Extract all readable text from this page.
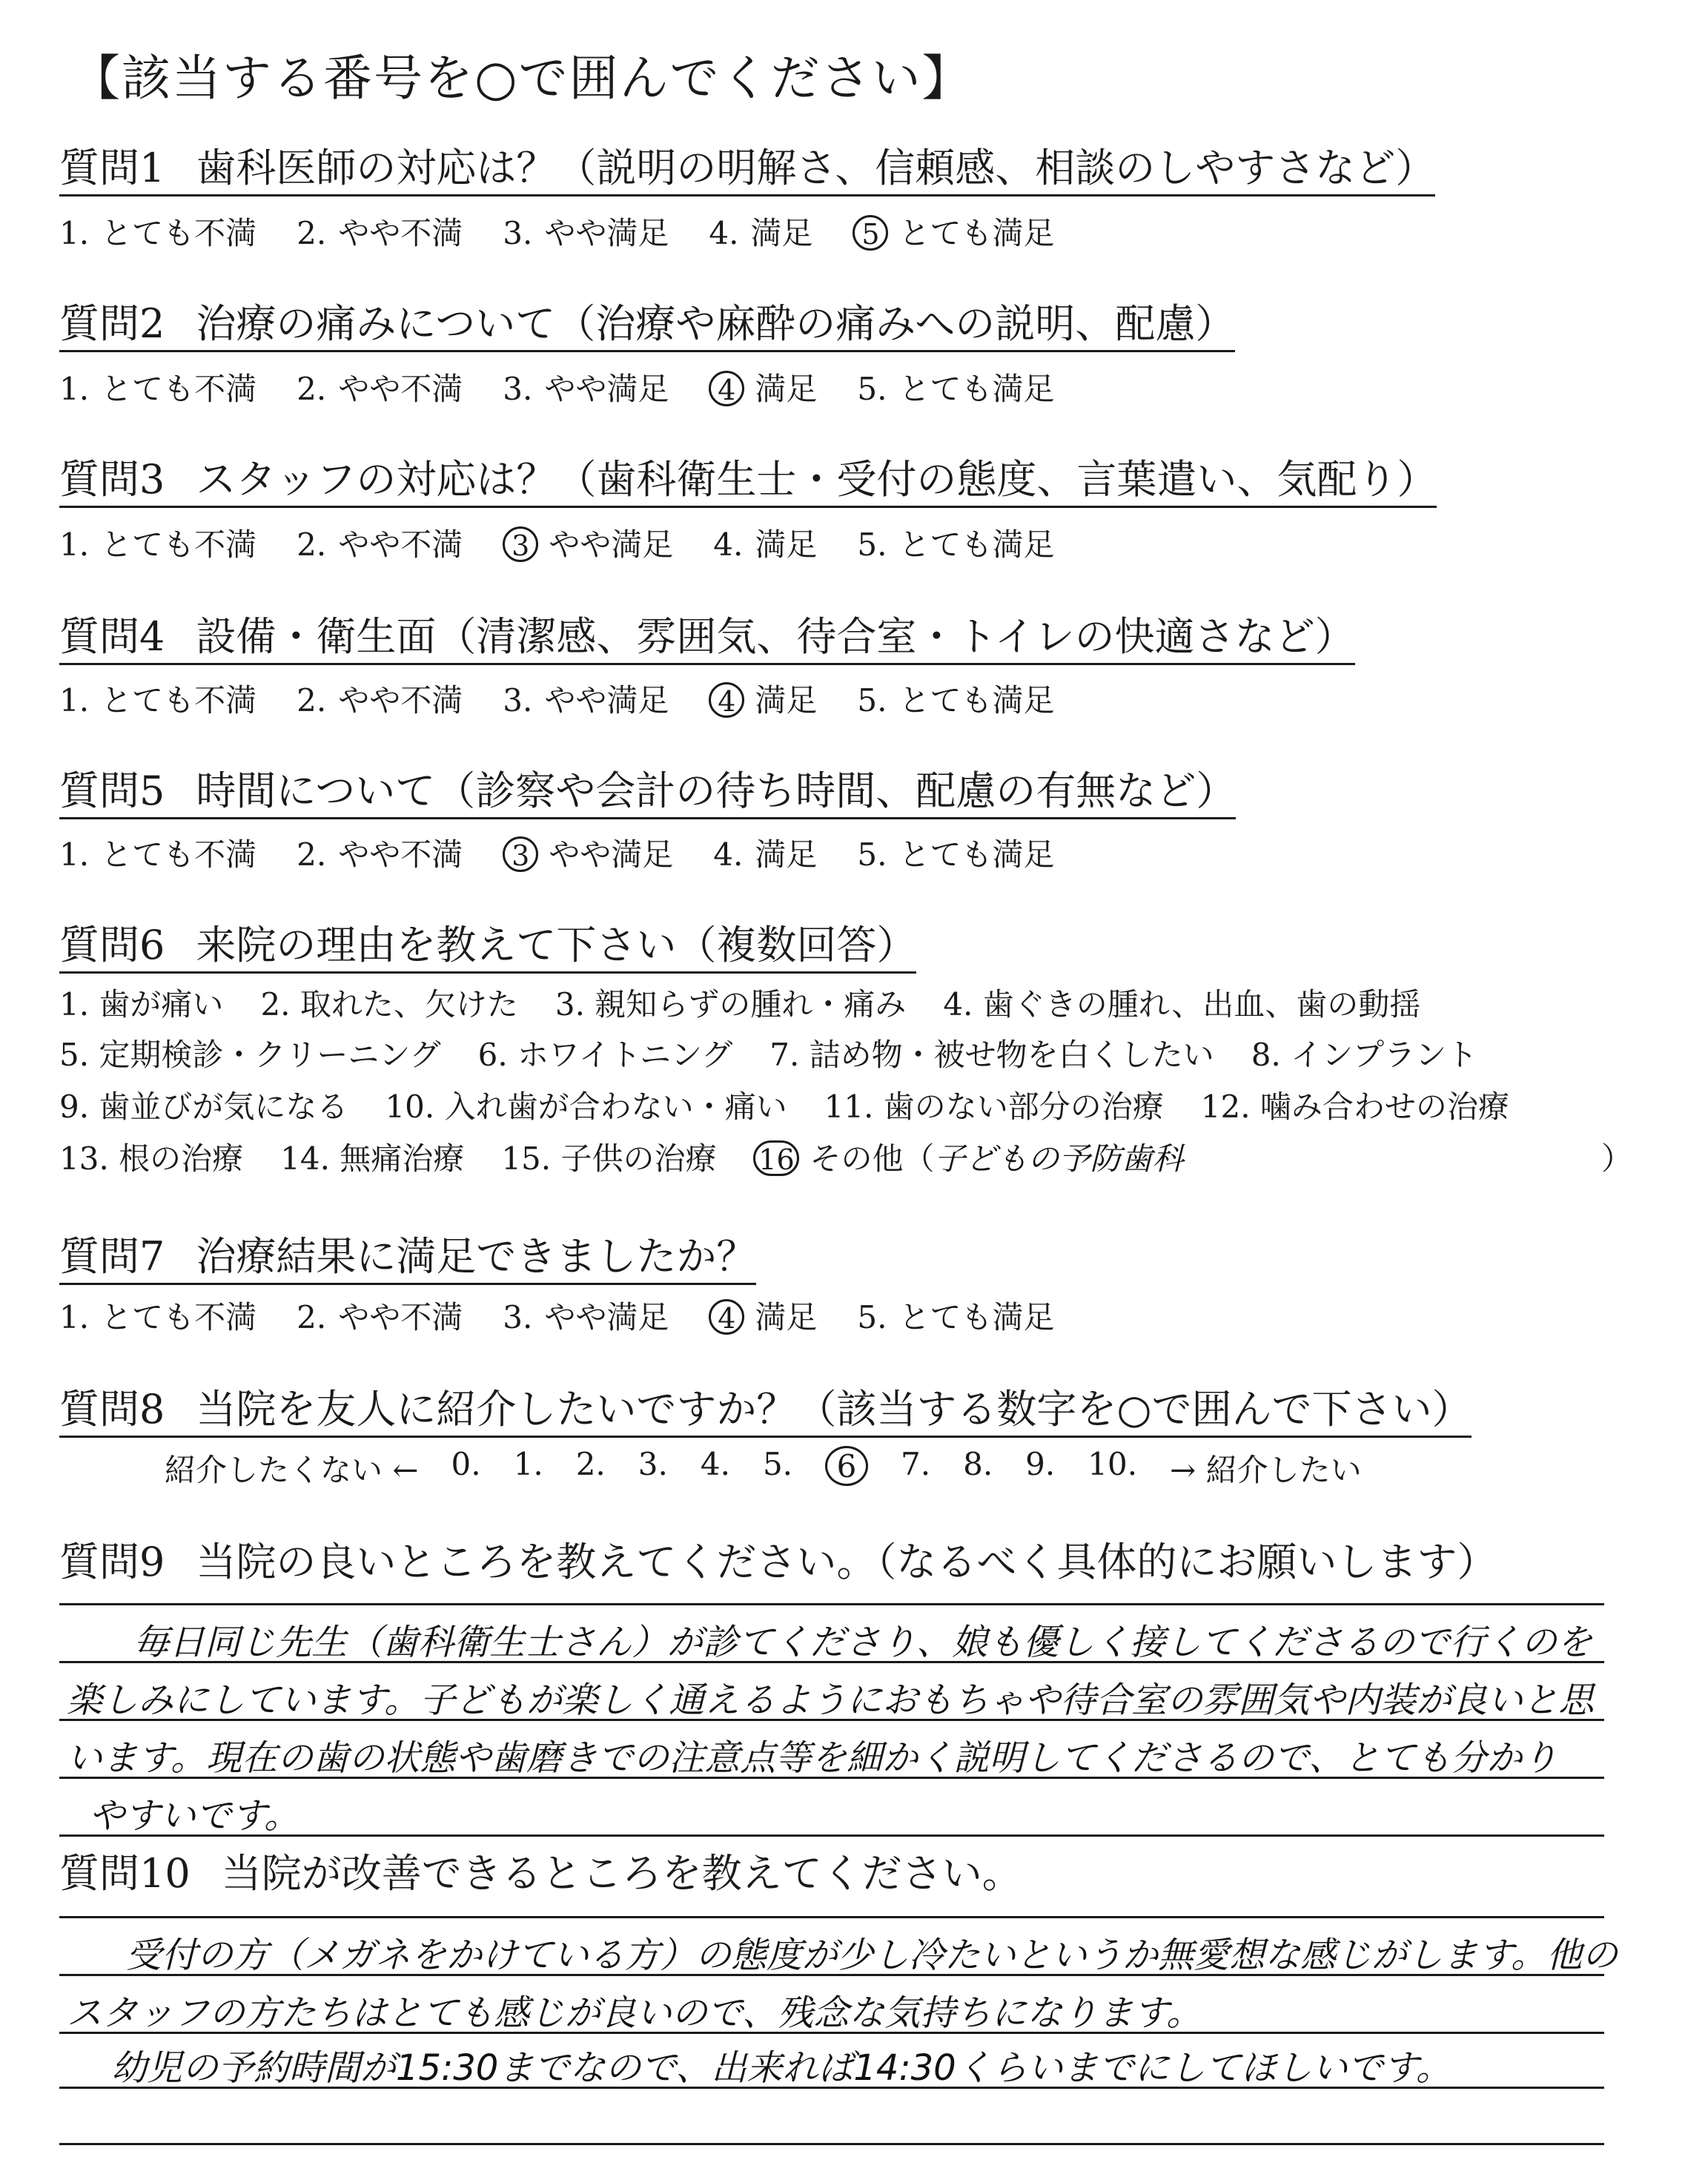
【該当する番号を○で囲んでください】
質問1 歯科医師の対応は？（説明の明解さ、信頼感、相談のしやすさなど）
1. とても不満 2. やや不満 3. やや満足 4. 満足	5 とても満足
質問2 治療の痛みについて（治療や麻酔の痛みへの説明、配慮）
1. とても不満 2. やや不満 3. やや満足	4 満足 5. とても満足
質問3 スタッフの対応は？（歯科衛生士・受付の態度、言葉遣い、気配り）
1. とても不満 2. やや不満	3 やや満足 4. 満足 5. とても満足
質問4 設備・衛生面（清潔感、雰囲気、待合室・トイレの快適さなど）
1. とても不満 2. やや不満 3. やや満足	4 満足 5. とても満足
質問5 時間について（診察や会計の待ち時間、配慮の有無など）
1. とても不満 2. やや不満	3 やや満足 4. 満足 5. とても満足
質問6 来院の理由を教えて下さい（複数回答）
1. 歯が痛い 2. 取れた、欠けた 3. 親知らずの腫れ・痛み 4. 歯ぐきの腫れ、出血、歯の動揺
5. 定期検診・クリーニング 6. ホワイトニング 7. 詰め物・被せ物を白くしたい 8. インプラント
9. 歯並びが気になる 10. 入れ歯が合わない・痛い 11. 歯のない部分の治療 12. 噛み合わせの治療
13. 根の治療 14. 無痛治療 15. 子供の治療 16 その他（子どもの予防歯科	）
質問7 治療結果に満足できましたか？
1. とても不満 2. やや不満 3. やや満足	4 満足 5. とても満足
質問8 当院を友人に紹介したいですか？（該当する数字を○で囲んで下さい）
紹介したくない ← 0. 1. 2. 3. 4. 5.	6	7. 8. 9. 10. → 紹介したい
質問9 当院の良いところを教えてください。（なるべく具体的にお願いします）
毎日同じ先生（歯科衛生士さん）が診てくださり、娘も優しく接してくださるので行くのを
楽しみにしています。子どもが楽しく通えるようにおもちゃや待合室の雰囲気や内装が良いと思
います。現在の歯の状態や歯磨きでの注意点等を細かく説明してくださるので、とても分かり
やすいです。
質問10 当院が改善できるところを教えてください。
受付の方（メガネをかけている方）の態度が少し冷たいというか無愛想な感じがします。他の
スタッフの方たちはとても感じが良いので、残念な気持ちになります。
幼児の予約時間が15:30までなので、出来れば14:30くらいまでにしてほしいです。
